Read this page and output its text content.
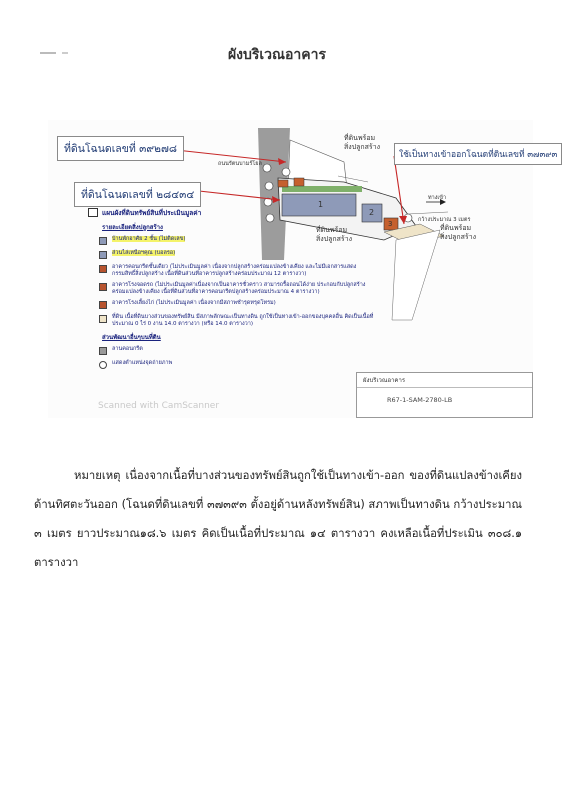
ผังบริเวณอาคาร
ที่ดินโฉนดเลขที่ ๓๙๒๗๘
ที่ดินโฉนดเลขที่ ๒๘๔๓๔
ใช้เป็นทางเข้าออกโฉนดที่ดินเลขที่ ๓๗๓๙๓
ที่ดินพร้อม
สิ่งปลูกสร้าง
ที่ดินพร้อม
สิ่งปลูกสร้าง
ที่ดินพร้อม
สิ่งปลูกสร้าง
ถนนรัตนบามร์โยล
กว้างประมาณ 3 เมตร
ทางเข้า
1
2
3
แผนผังที่ดินทรัพย์สินที่ประเมินมูลค่า
รายละเอียดสิ่งปลูกสร้าง
บ้านพักอาศัย 2 ชั้น (ไม่ติดเลข)
ส่วนไล่เหนือฯคุณ (บอลรอ)
อาคารคอนกรีตชั้นเดียว (ไม่ประเมินมูลค่า เนื่องจากปลูกสร้างคร่อมแปลงข้างเคียง และไม่มีเอกสารแสดงกรรมสิทธิ์สิ่งปลูกสร้าง เนื้อที่ดินส่วนที่อาคารปลูกสร้างคร่อมประมาณ 12 ตารางวา)
อาคารโรงจอดรถ (ไม่ประเมินมูลค่าเนื่องจากเป็นอาคารชั่วคราว สามารถรื้อถอนได้ง่าย ประกอบกับปลูกสร้างคร่อมแปลงข้างเคียง เนื้อที่ดินส่วนที่อาคารคอนกรีตปลูกสร้างคร่อมประมาณ 4 ตารางวา)
อาคารโรงเลี้ยงไก่ (ไม่ประเมินมูลค่า เนื่องจากมีสภาพชำรุดทรุดโทรม)
ที่ดิน เนื้อที่ดินบางส่วนของทรัพย์สิน มีสภาพลักษณะเป็นทางดิน ถูกใช้เป็นทางเข้า-ออกของบุคคลอื่น คิดเป็นเนื้อที่ประมาณ 0 ไร่ 0 งาน 14.0 ตารางวา (หรือ 14.0 ตารางวา)
ส่วนพัฒนาอื่นๆบนที่ดิน
ลานคอนกรีต
แสดงตำแหน่งจุดถ่ายภาพ
Scanned with CamScanner
ผังบริเวณอาคาร
R67-1-SAM-2780-LB
หมายเหตุ เนื่องจากเนื้อที่บางส่วนของทรัพย์สินถูกใช้เป็นทางเข้า-ออก ของที่ดินแปลงข้างเคียง ด้านทิศตะวันออก (โฉนดที่ดินเลขที่ ๓๗๓๙๓ ตั้งอยู่ด้านหลังทรัพย์สิน) สภาพเป็นทางดิน กว้างประมาณ ๓ เมตร ยาวประมาณ๑๘.๖ เมตร คิดเป็นเนื้อที่ประมาณ ๑๔ ตารางวา คงเหลือเนื้อที่ประเมิน ๓๐๘.๑ ตารางวา
